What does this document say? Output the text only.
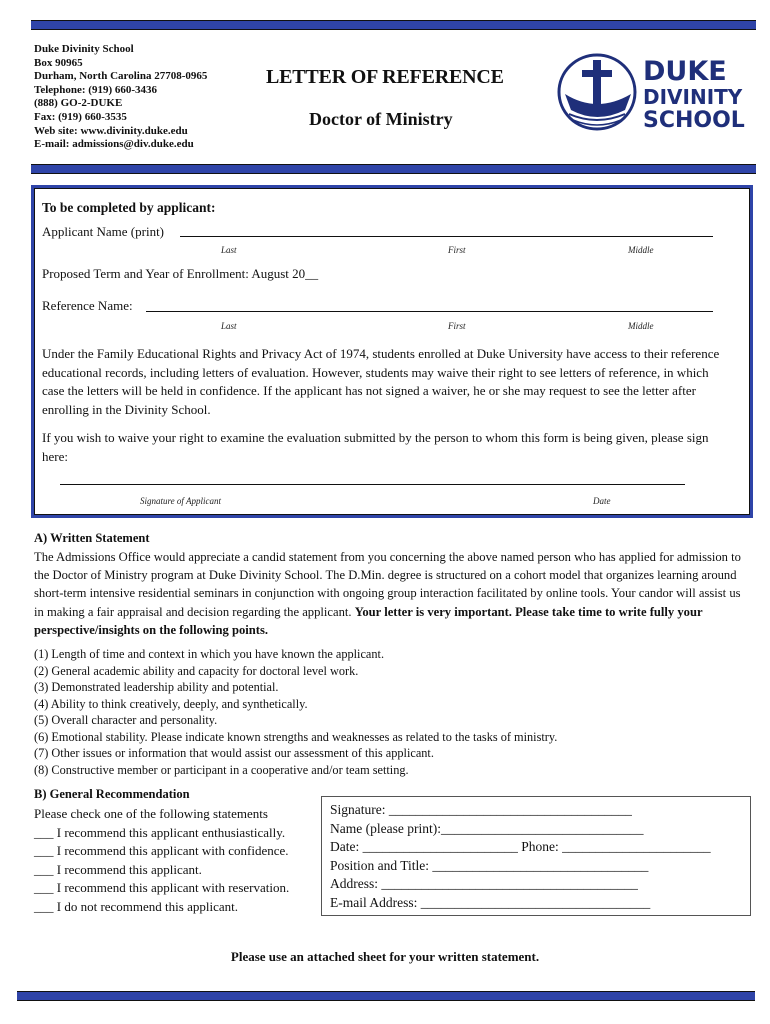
Duke Divinity School
Box 90965
Durham, North Carolina 27708-0965
Telephone: (919) 660-3436
(888) GO-2-DUKE
Fax: (919) 660-3535
Web site: www.divinity.duke.edu
E-mail: admissions@div.duke.edu
LETTER OF REFERENCE
Doctor of Ministry
DUKE
DIVINITY
SCHOOL
To be completed by applicant:
Applicant Name (print)
Last	First	Middle
Proposed Term and Year of Enrollment: August 20__
Reference Name:
Last	First	Middle
Under the Family Educational Rights and Privacy Act of 1974, students enrolled at Duke University have access to their reference educational records, including letters of evaluation. However, students may waive their right to see letters of reference, in which case the letters will be held in confidence. If the applicant has not signed a waiver, he or she may request to see the letter after enrolling in the Divinity School.
If you wish to waive your right to examine the evaluation submitted by the person to whom this form is being given, please sign here:
Signature of Applicant	Date
A) Written Statement
The Admissions Office would appreciate a candid statement from you concerning the above named person who has applied for admission to the Doctor of Ministry program at Duke Divinity School. The D.Min. degree is structured on a cohort model that organizes learning around short-term intensive residential seminars in conjunction with ongoing group interaction facilitated by online tools. Your candor will assist us in making a fair appraisal and decision regarding the applicant. Your letter is very important. Please take time to write fully your perspective/insights on the following points.
(1) Length of time and context in which you have known the applicant.
(2) General academic ability and capacity for doctoral level work.
(3) Demonstrated leadership ability and potential.
(4) Ability to think creatively, deeply, and synthetically.
(5) Overall character and personality.
(6) Emotional stability. Please indicate known strengths and weaknesses as related to the tasks of ministry.
(7) Other issues or information that would assist our assessment of this applicant.
(8) Constructive member or participant in a cooperative and/or team setting.
B) General Recommendation
Please check one of the following statements
___ I recommend this applicant enthusiastically.
___ I recommend this applicant with confidence.
___ I recommend this applicant.
___ I recommend this applicant with reservation.
___ I do not recommend this applicant.
Signature: ____________________________________
Name (please print):______________________________
Date: _______________________ Phone: ______________________
Position and Title: ________________________________
Address: ______________________________________
E-mail Address: __________________________________
Please use an attached sheet for your written statement.
